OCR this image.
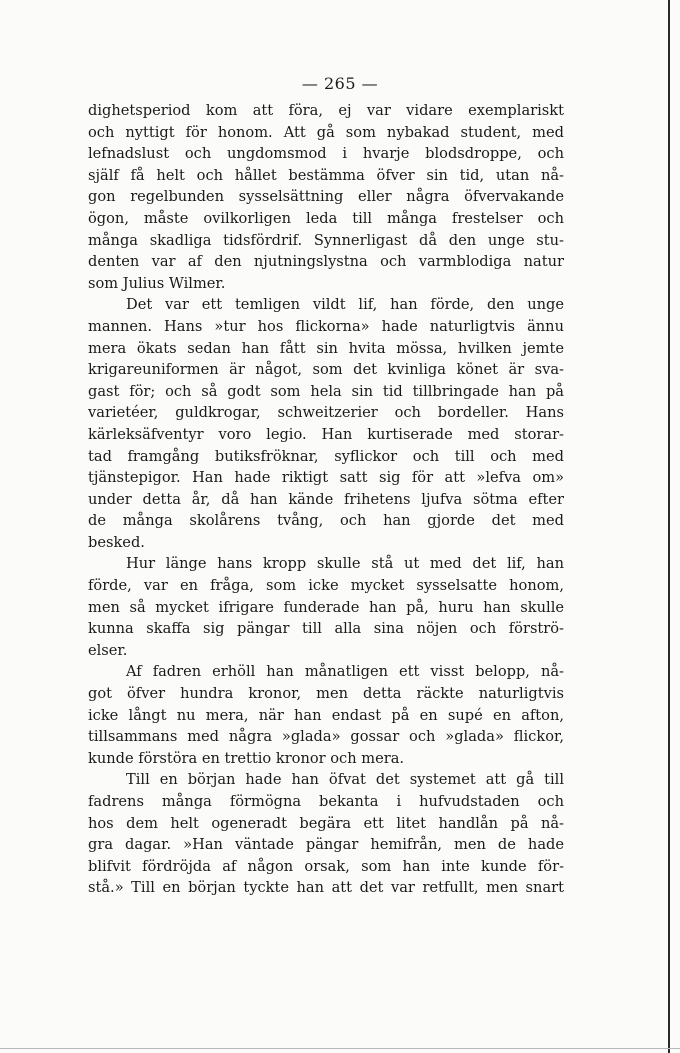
— 265 —
dighetsperiod kom att föra, ej var vidare exemplariskt
och nyttigt för honom. Att gå som nybakad student, med
lefnadslust och ungdomsmod i hvarje blodsdroppe, och
själf få helt och hållet bestämma öfver sin tid, utan nå-
gon regelbunden sysselsättning eller några öfvervakande
ögon, måste ovilkorligen leda till många frestelser och
många skadliga tidsfördrif. Synnerligast då den unge stu-
denten var af den njutningslystna och varmblodiga natur
som Julius Wilmer.
Det var ett temligen vildt lif, han förde, den unge
mannen. Hans »tur hos flickorna» hade naturligtvis ännu
mera ökats sedan han fått sin hvita mössa, hvilken jemte
krigareuniformen är något, som det kvinliga könet är sva-
gast för; och så godt som hela sin tid tillbringade han på
varietéer, guldkrogar, schweitzerier och bordeller. Hans
kärleksäfventyr voro legio. Han kurtiserade med storar-
tad framgång butiksfröknar, syflickor och till och med
tjänstepigor. Han hade riktigt satt sig för att »lefva om»
under detta år, då han kände frihetens ljufva sötma efter
de många skolårens tvång, och han gjorde det med
besked.
Hur länge hans kropp skulle stå ut med det lif, han
förde, var en fråga, som icke mycket sysselsatte honom,
men så mycket ifrigare funderade han på, huru han skulle
kunna skaffa sig pängar till alla sina nöjen och förströ-
elser.
Af fadren erhöll han månatligen ett visst belopp, nå-
got öfver hundra kronor, men detta räckte naturligtvis
icke långt nu mera, när han endast på en supé en afton,
tillsammans med några »glada» gossar och »glada» flickor,
kunde förstöra en trettio kronor och mera.
Till en början hade han öfvat det systemet att gå till
fadrens många förmögna bekanta i hufvudstaden och
hos dem helt ogeneradt begära ett litet handlån på nå-
gra dagar. »Han väntade pängar hemifrån, men de hade
blifvit fördröjda af någon orsak, som han inte kunde för-
stå.» Till en början tyckte han att det var retfullt, men snart
